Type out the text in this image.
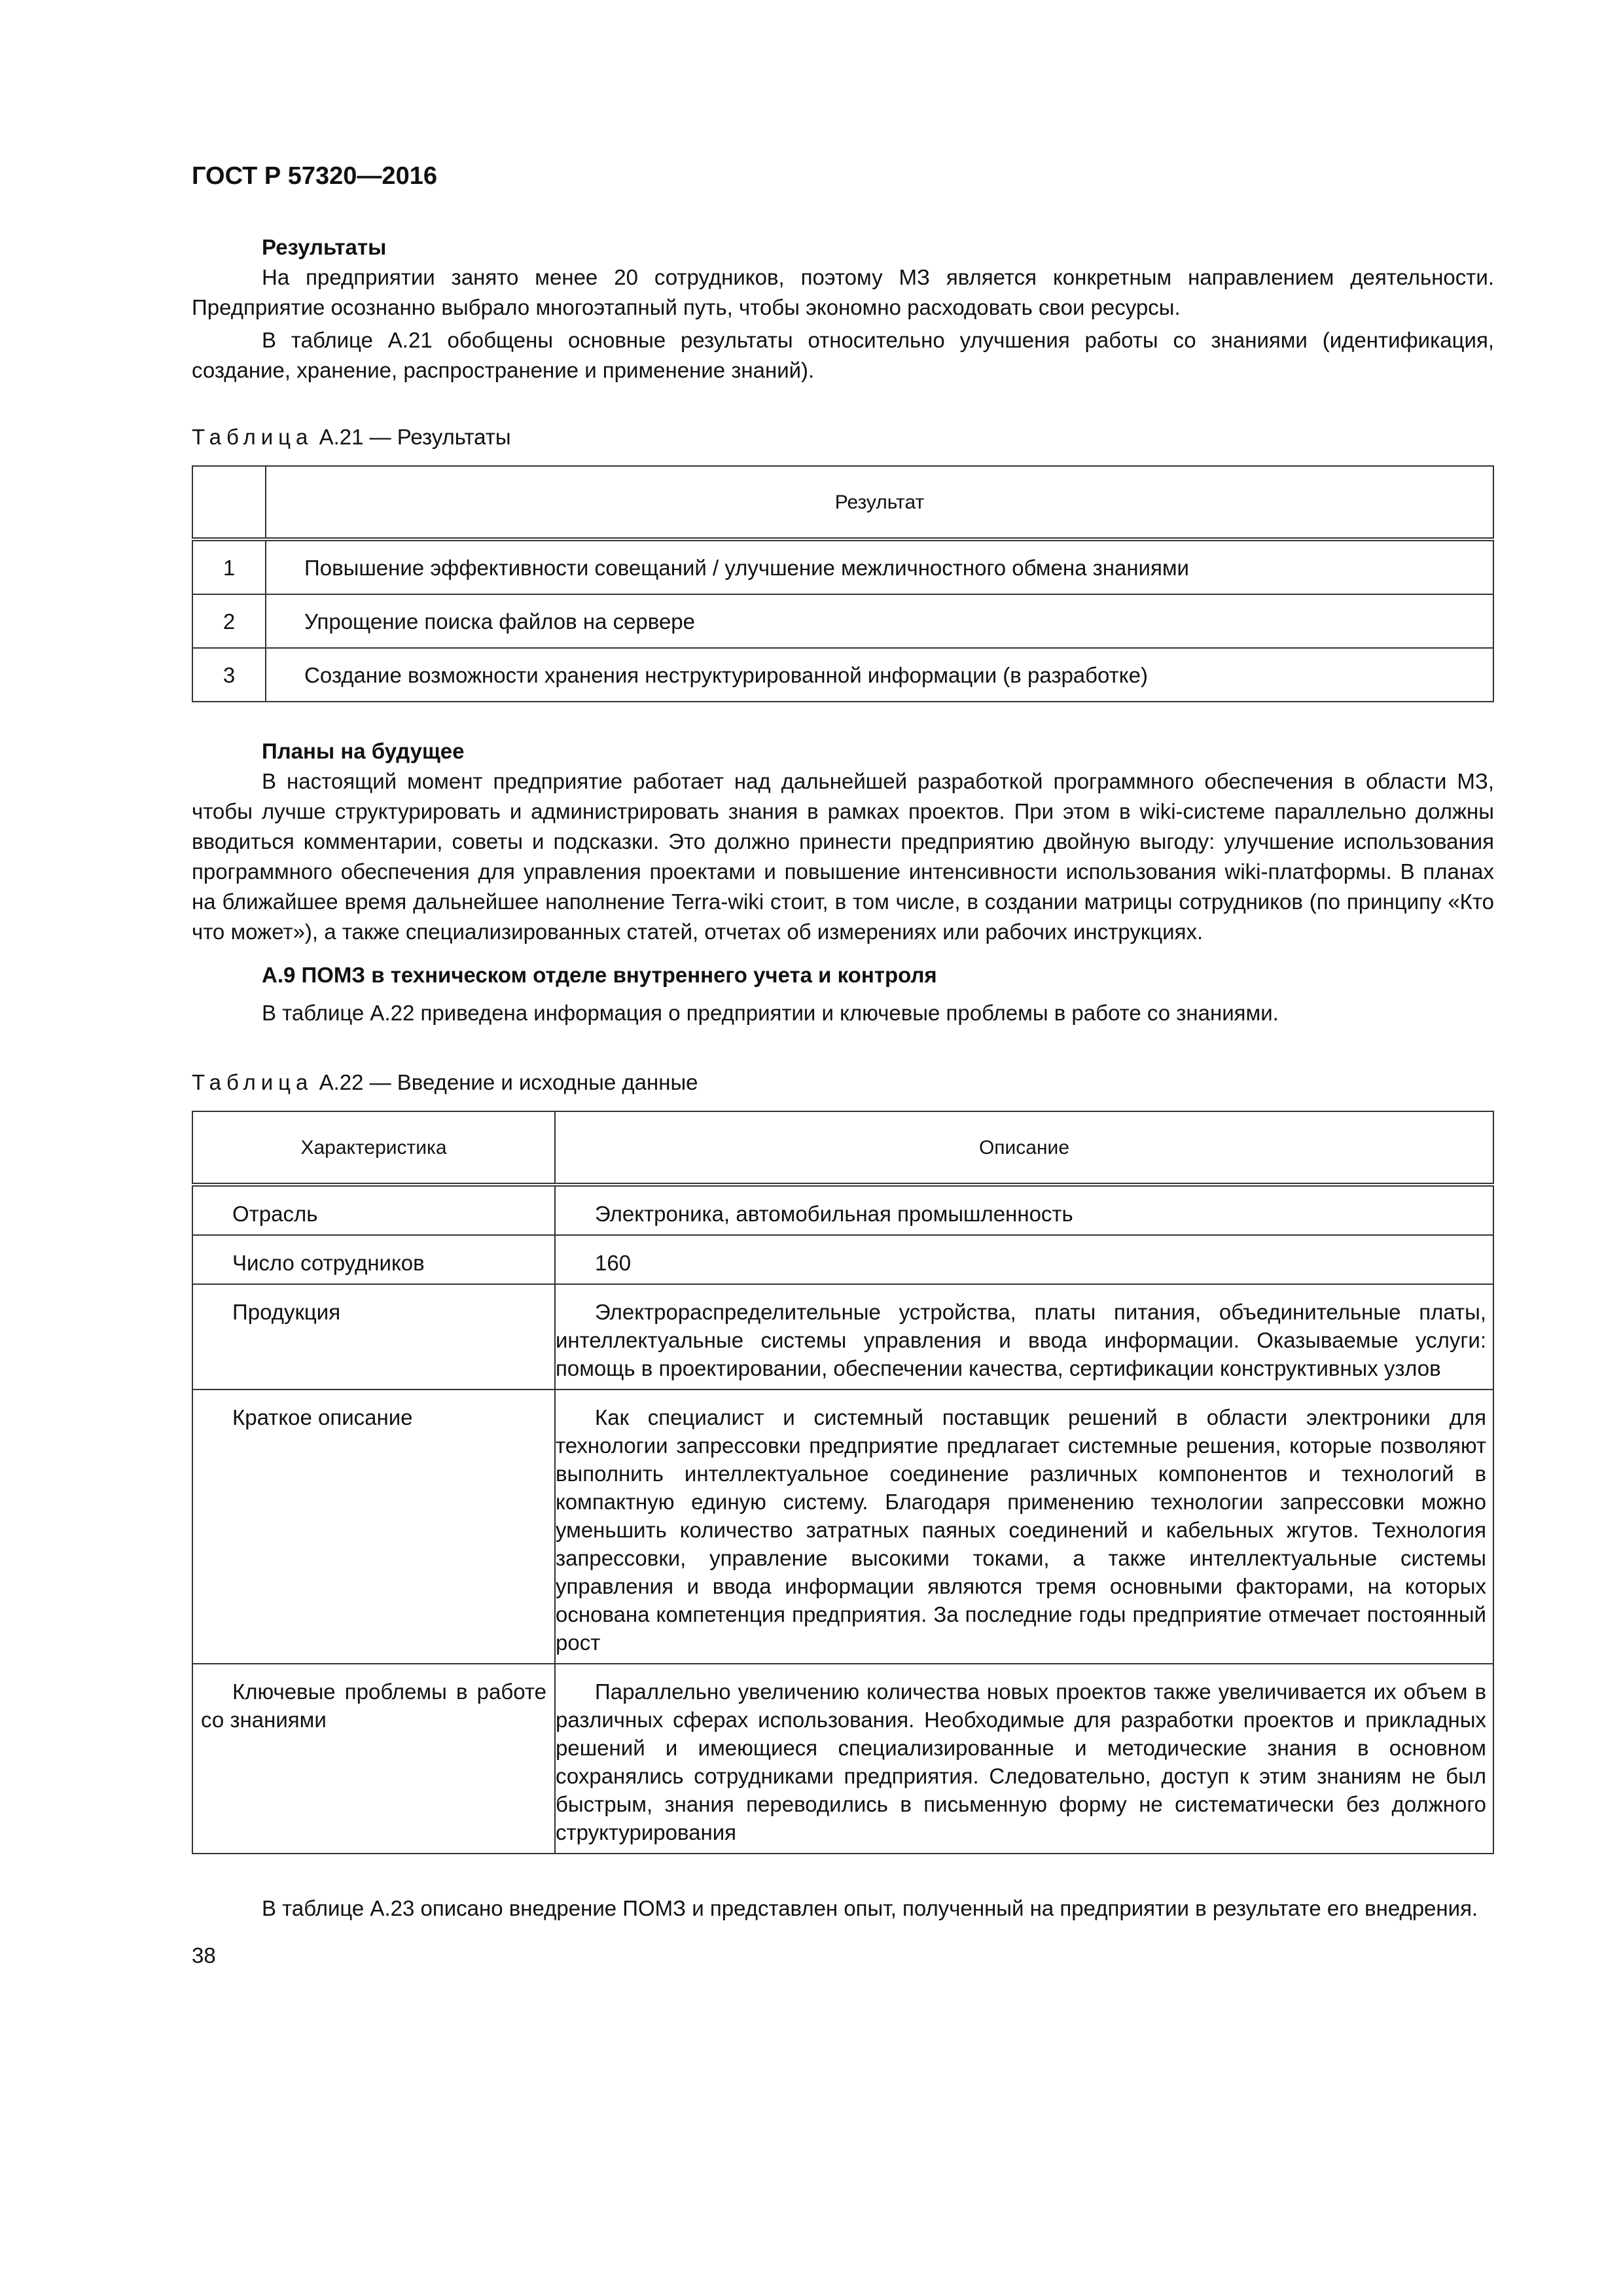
ГОСТ Р 57320—2016
Результаты

На предприятии занято менее 20 сотрудников, поэтому МЗ является конкретным направлением деятельности. Предприятие осознанно выбрало многоэтапный путь, чтобы экономно расходовать свои ресурсы.

В таблице А.21 обобщены основные результаты относительно улучшения работы со знаниями (идентификация, создание, хранение, распространение и применение знаний).

Таблица А.21 — Результаты
	Результат
1	Повышение эффективности совещаний / улучшение межличностного обмена знаниями
2	Упрощение поиска файлов на сервере
3	Создание возможности хранения неструктурированной информации (в разработке)
Планы на будущее

В настоящий момент предприятие работает над дальнейшей разработкой программного обеспечения в области МЗ, чтобы лучше структурировать и администрировать знания в рамках проектов. При этом в wiki-системе параллельно должны вводиться комментарии, советы и подсказки. Это должно принести предприятию двойную выгоду: улучшение использования программного обеспечения для управления проектами и повышение интенсивности использования wiki-платформы. В планах на ближайшее время дальнейшее наполнение Terra-wiki стоит, в том числе, в создании матрицы сотрудников (по принципу «Кто что может»), а также специализированных статей, отчетах об измерениях или рабочих инструкциях.

А.9 ПОМЗ в техническом отделе внутреннего учета и контроля

В таблице А.22 приведена информация о предприятии и ключевые проблемы в работе со знаниями.

Таблица А.22 — Введение и исходные данные
Характеристика	Описание

Отрасль	Электроника, автомобильная промышленность

Число сотрудников	160

Продукция	Электрораспределительные устройства, платы питания, объединительные платы, интеллектуальные системы управления и ввода информации. Оказываемые услуги: помощь в проектировании, обеспечении качества, сертификации конструктивных узлов

Краткое описание	Как специалист и системный поставщик решений в области электроники для технологии запрессовки предприятие предлагает системные решения, которые позволяют выполнить интеллектуальное соединение различных компонентов и технологий в компактную единую систему. Благодаря применению технологии запрессовки можно уменьшить количество затратных паяных соединений и кабельных жгутов. Технология запрессовки, управление высокими токами, а также интеллектуальные системы управления и ввода информации являются тремя основными факторами, на которых основана компетенция предприятия. За последние годы предприятие отмечает постоянный рост

Ключевые проблемы в работе со знаниями	Параллельно увеличению количества новых проектов также увеличивается их объем в различных сферах использования. Необходимые для разработки проектов и прикладных решений и имеющиеся специализированные и методические знания в основном сохранялись сотрудниками предприятия. Следовательно, доступ к этим знаниям не был быстрым, знания переводились в письменную форму не систематически без должного структурирования

В таблице А.23 описано внедрение ПОМЗ и представлен опыт, полученный на предприятии в результате его внедрения.

38
